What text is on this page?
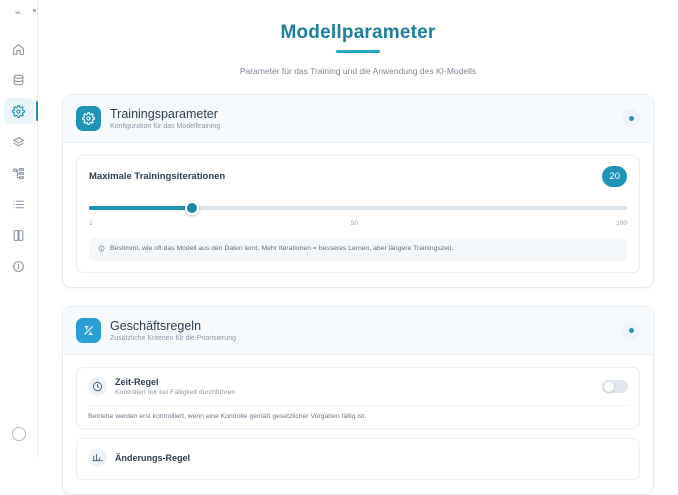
ML
Modellparameter
Parameter für das Training und die Anwendung des KI-Modells
Trainingsparameter
Konfiguration für das Modelltraining
Maximale Trainingsiterationen	20
1	50	100
Bestimmt, wie oft das Modell aus den Daten lernt. Mehr Iterationen = besseres Lernen, aber längere Trainingszeit.
Geschäftsregeln
Zusätzliche Kriterien für die Priorisierung
Zeit-Regel
Kontrollen nur bei Fälligkeit durchführen
Betriebe werden erst kontrolliert, wenn eine Kontrolle gemäß gesetzlicher Vorgaben fällig ist.
Änderungs-Regel
